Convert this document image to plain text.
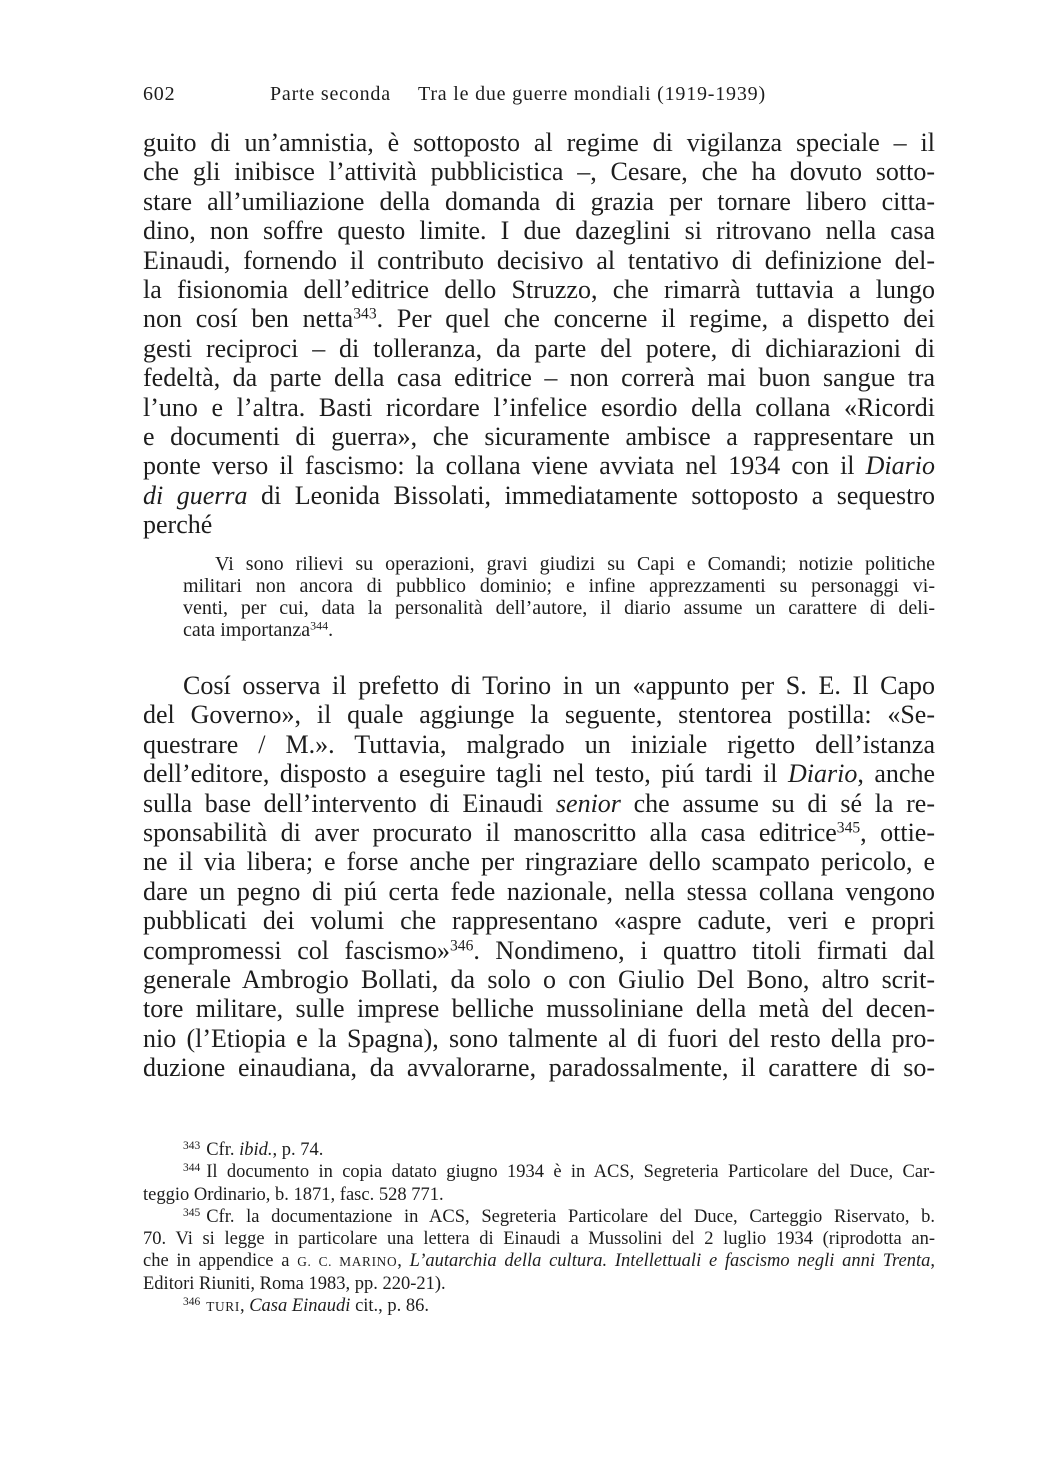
602	Parte seconda Tra le due guerre mondiali (1919-1939)
guito di un’amnistia, è sottoposto al regime di vigilanza speciale – il
che gli inibisce l’attività pubblicistica –, Cesare, che ha dovuto sotto-
stare all’umiliazione della domanda di grazia per tornare libero citta-
dino, non soffre questo limite. I due dazeglini si ritrovano nella casa
Einaudi, fornendo il contributo decisivo al tentativo di definizione del-
la fisionomia dell’editrice dello Struzzo, che rimarrà tuttavia a lungo
non cosí ben netta$^{343}$. Per quel che concerne il regime, a dispetto dei
gesti reciproci – di tolleranza, da parte del potere, di dichiarazioni di
fedeltà, da parte della casa editrice – non correrà mai buon sangue tra
l’uno e l’altra. Basti ricordare l’infelice esordio della collana «Ricordi
e documenti di guerra», che sicuramente ambisce a rappresentare un
ponte verso il fascismo: la collana viene avviata nel 1934 con il Diario
di guerra di Leonida Bissolati, immediatamente sottoposto a sequestro
perché
Vi sono rilievi su operazioni, gravi giudizi su Capi e Comandi; notizie politiche
militari non ancora di pubblico dominio; e infine apprezzamenti su personaggi vi-
venti, per cui, data la personalità dell’autore, il diario assume un carattere di deli-
cata importanza$^{344}$.
Cosí osserva il prefetto di Torino in un «appunto per S. E. Il Capo
del Governo», il quale aggiunge la seguente, stentorea postilla: «Se-
questrare / M.». Tuttavia, malgrado un iniziale rigetto dell’istanza
dell’editore, disposto a eseguire tagli nel testo, piú tardi il Diario, anche
sulla base dell’intervento di Einaudi senior che assume su di sé la re-
sponsabilità di aver procurato il manoscritto alla casa editrice$^{345}$, ottie-
ne il via libera; e forse anche per ringraziare dello scampato pericolo, e
dare un pegno di piú certa fede nazionale, nella stessa collana vengono
pubblicati dei volumi che rappresentano «aspre cadute, veri e propri
compromessi col fascismo»$^{346}$. Nondimeno, i quattro titoli firmati dal
generale Ambrogio Bollati, da solo o con Giulio Del Bono, altro scrit-
tore militare, sulle imprese belliche mussoliniane della metà del decen-
nio (l’Etiopia e la Spagna), sono talmente al di fuori del resto della pro-
duzione einaudiana, da avvalorarne, paradossalmente, il carattere di so-
$^{343}$ Cfr. ibid., p. 74.
$^{344}$ Il documento in copia datato giugno 1934 è in ACS, Segreteria Particolare del Duce, Car-
teggio Ordinario, b. 1871, fasc. 528 771.
$^{345}$ Cfr. la documentazione in ACS, Segreteria Particolare del Duce, Carteggio Riservato, b.
70. Vi si legge in particolare una lettera di Einaudi a Mussolini del 2 luglio 1934 (riprodotta an-
che in appendice a G. C. MARINO, L’autarchia della cultura. Intellettuali e fascismo negli anni Trenta,
Editori Riuniti, Roma 1983, pp. 220-21).
$^{346}$ TURI, Casa Einaudi cit., p. 86.
